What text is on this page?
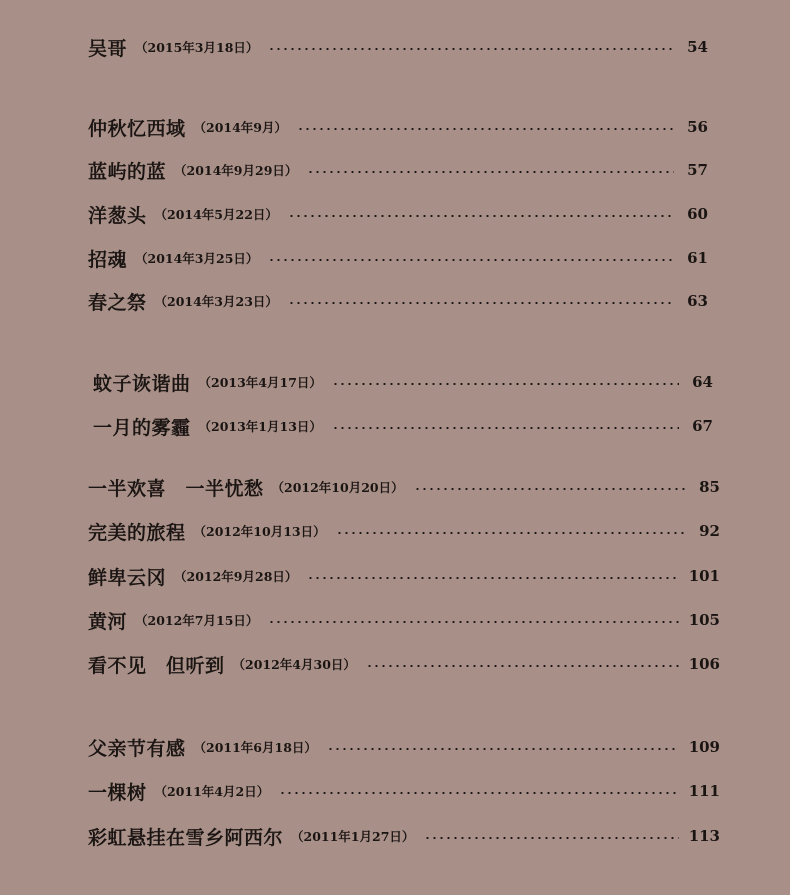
吴哥 （2015年3月18日）	54
仲秋忆西域 （2014年9月）	56
蓝屿的蓝 （2014年9月29日）	57
洋葱头 （2014年5月22日）	60
招魂 （2014年3月25日）	61
春之祭 （2014年3月23日）	63
蚊子诙谐曲 （2013年4月17日）	64
一月的雾霾 （2013年1月13日）	67
一半欢喜　一半忧愁 （2012年10月20日）	85
完美的旅程 （2012年10月13日）	92
鲜卑云冈 （2012年9月28日）	101
黄河 （2012年7月15日）	105
看不见　但听到 （2012年4月30日）	106
父亲节有感 （2011年6月18日）	109
一棵树 （2011年4月2日）	111
彩虹悬挂在雪乡阿西尔 （2011年1月27日）	113
